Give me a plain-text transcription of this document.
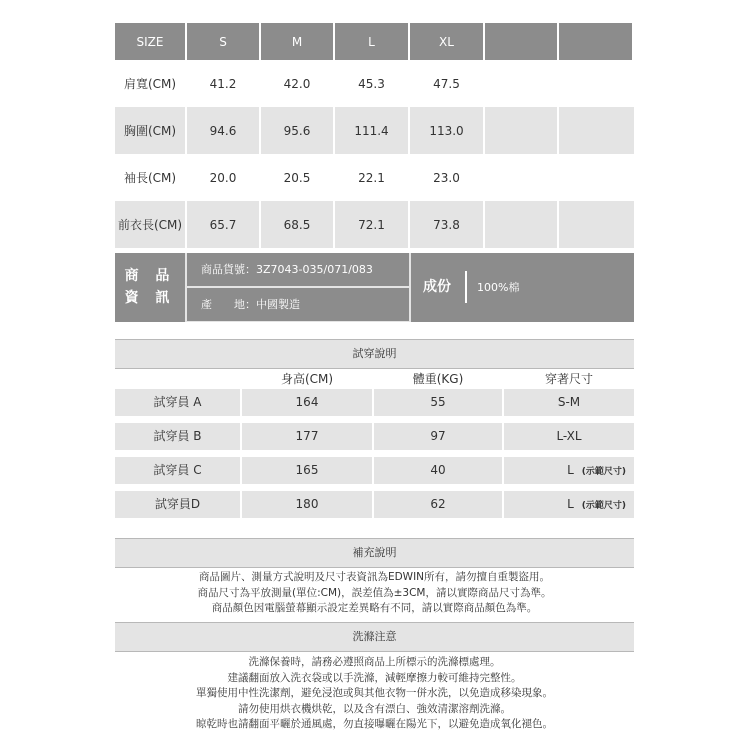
SIZE	S	M	L	XL		
肩寬(CM)	41.2	42.0	45.3	47.5		
胸圍(CM)	94.6	95.6	111.4	113.0		
袖長(CM)	20.0	20.5	22.1	23.0		
前衣長(CM)	65.7	68.5	72.1	73.8		
商 品
資 訊
商品貨號：3Z7043-035/071/083
產　　地：中國製造
成份	100%棉
試穿說明
身高(CM)	體重(KG)	穿著尺寸
試穿員 A	164	55	S-M
試穿員 B	177	97	L-XL
試穿員 C	165	40	L (示範尺寸)
試穿員D	180	62	L (示範尺寸)
補充說明
商品圖片、測量方式說明及尺寸表資訊為EDWIN所有，請勿擅自重製盜用。
商品尺寸為平放測量(單位:CM)，誤差值為±3CM，請以實際商品尺寸為準。
商品顏色因電腦螢幕顯示設定差異略有不同，請以實際商品顏色為準。
洗滌注意
洗滌保養時，請務必遵照商品上所標示的洗滌標處理。
建議翻面放入洗衣袋或以手洗滌，減輕摩擦力較可維持完整性。
單獨使用中性洗潔劑，避免浸泡或與其他衣物一併水洗，以免造成移染現象。
請勿使用烘衣機烘乾，以及含有漂白、強效清潔溶劑洗滌。
晾乾時也請翻面平曬於通風處，勿直接曝曬在陽光下，以避免造成氧化褪色。
